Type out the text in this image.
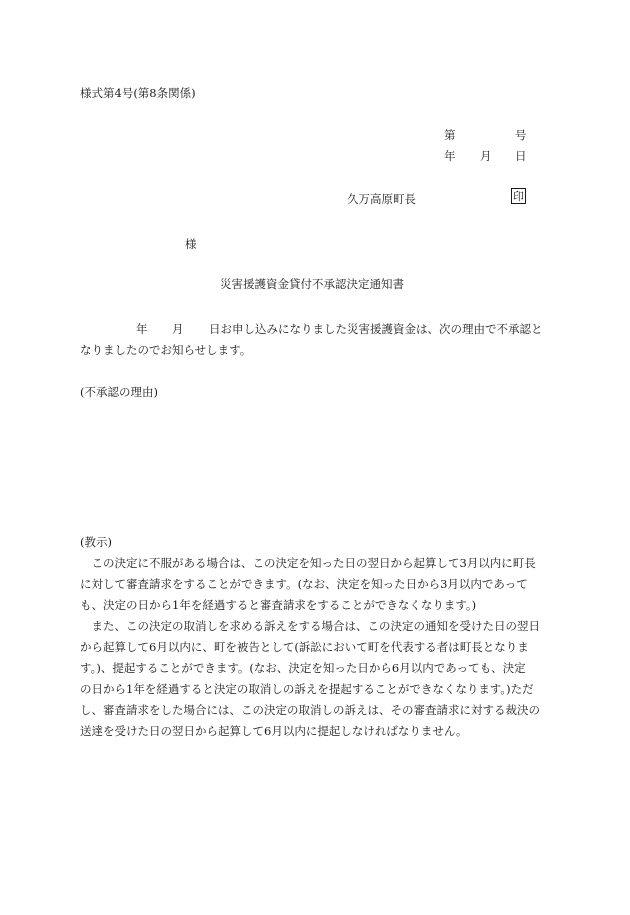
様式第4号(第8条関係)
第	号
年 月 日
久万高原町長	印
様
災害援護資金貸付不承認決定通知書
年 月 日お申し込みになりました災害援護資金は、次の理由で不承認と
なりましたのでお知らせします。
(不承認の理由)
(教示)
　この決定に不服がある場合は、この決定を知った日の翌日から起算して3月以内に町長
に対して審査請求をすることができます。(なお、決定を知った日から3月以内であって
も、決定の日から1年を経過すると審査請求をすることができなくなります。)
　また、この決定の取消しを求める訴えをする場合は、この決定の通知を受けた日の翌日
から起算して6月以内に、町を被告として(訴訟において町を代表する者は町長となりま
す。)、提起することができます。(なお、決定を知った日から6月以内であっても、決定
の日から1年を経過すると決定の取消しの訴えを提起することができなくなります。)ただ
し、審査請求をした場合には、この決定の取消しの訴えは、その審査請求に対する裁決の
送達を受けた日の翌日から起算して6月以内に提起しなければなりません。
